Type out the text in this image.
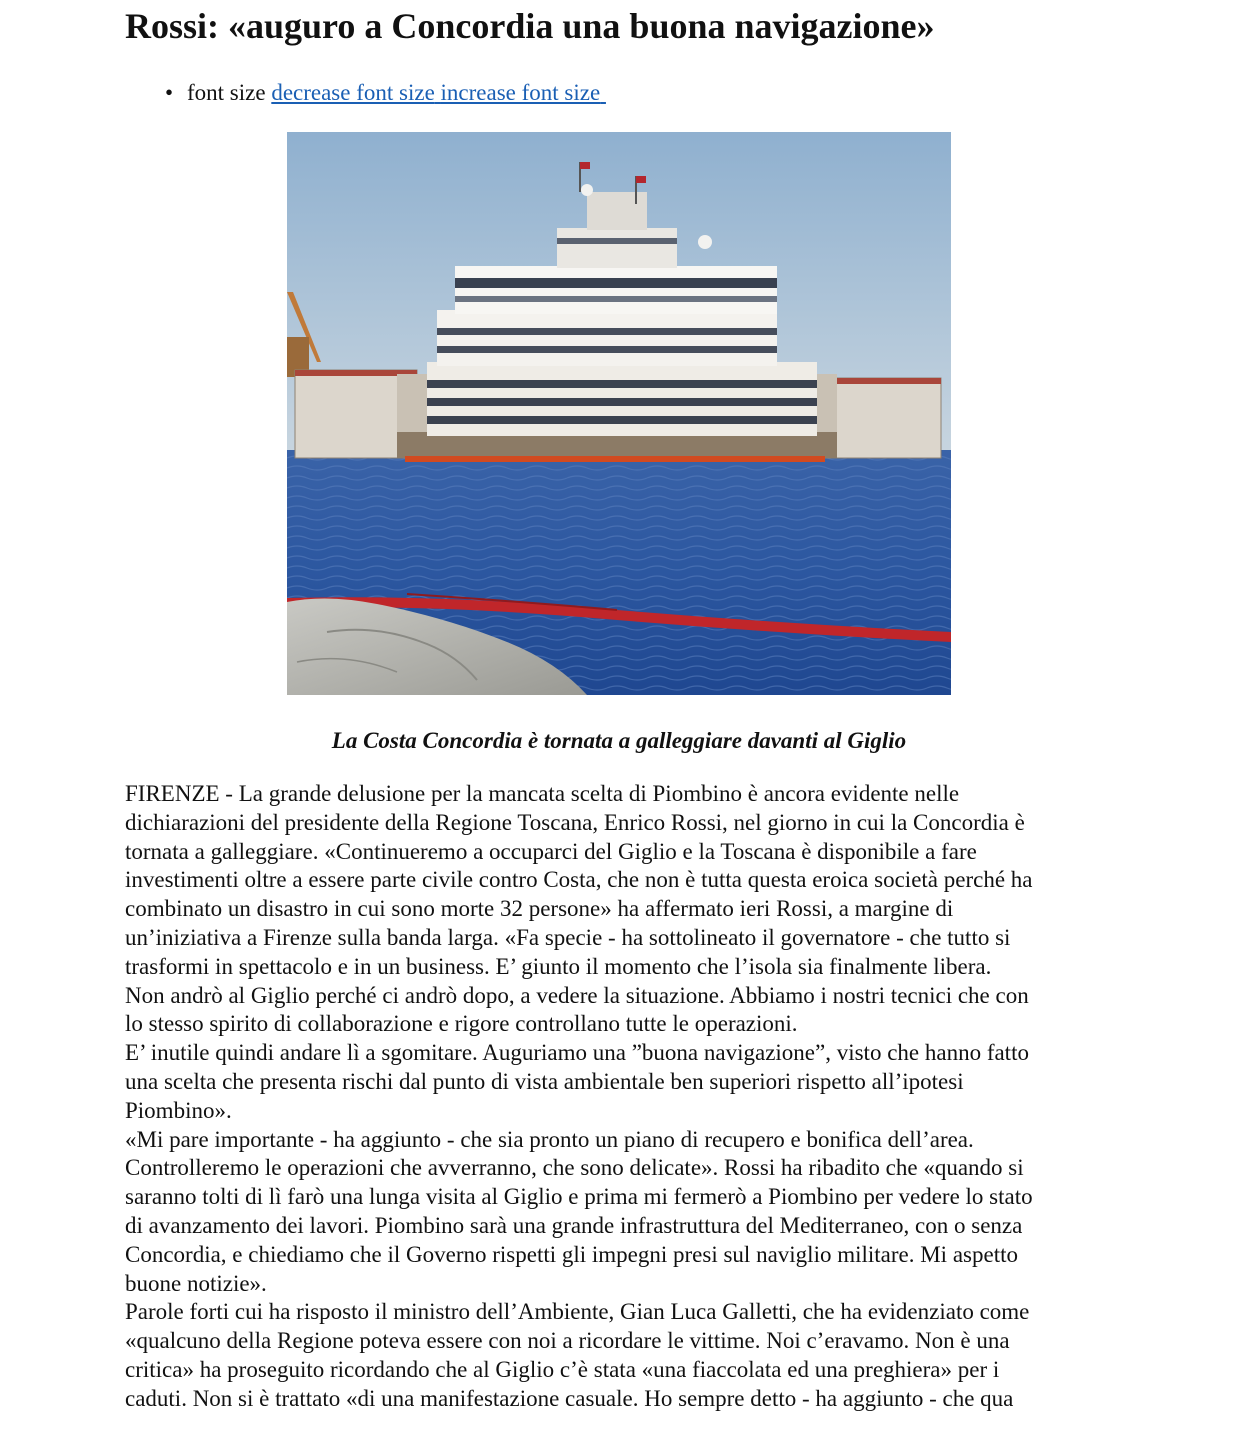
Rossi: «auguro a Concordia una buona navigazione»
• font size decrease font size increase font size
La Costa Concordia è tornata a galleggiare davanti al Giglio
FIRENZE - La grande delusione per la mancata scelta di Piombino è ancora evidente nelle
dichiarazioni del presidente della Regione Toscana, Enrico Rossi, nel giorno in cui la Concordia è
tornata a galleggiare. «Continueremo a occuparci del Giglio e la Toscana è disponibile a fare
investimenti oltre a essere parte civile contro Costa, che non è tutta questa eroica società perché ha
combinato un disastro in cui sono morte 32 persone» ha affermato ieri Rossi, a margine di
un’iniziativa a Firenze sulla banda larga. «Fa specie - ha sottolineato il governatore - che tutto si
trasformi in spettacolo e in un business. E’ giunto il momento che l’isola sia finalmente libera.
Non andrò al Giglio perché ci andrò dopo, a vedere la situazione. Abbiamo i nostri tecnici che con
lo stesso spirito di collaborazione e rigore controllano tutte le operazioni.
E’ inutile quindi andare lì a sgomitare. Auguriamo una ”buona navigazione”, visto che hanno fatto
una scelta che presenta rischi dal punto di vista ambientale ben superiori rispetto all’ipotesi
Piombino».
«Mi pare importante - ha aggiunto - che sia pronto un piano di recupero e bonifica dell’area.
Controlleremo le operazioni che avverranno, che sono delicate». Rossi ha ribadito che «quando si
saranno tolti di lì farò una lunga visita al Giglio e prima mi fermerò a Piombino per vedere lo stato
di avanzamento dei lavori. Piombino sarà una grande infrastruttura del Mediterraneo, con o senza
Concordia, e chiediamo che il Governo rispetti gli impegni presi sul naviglio militare. Mi aspetto
buone notizie».
Parole forti cui ha risposto il ministro dell’Ambiente, Gian Luca Galletti, che ha evidenziato come
«qualcuno della Regione poteva essere con noi a ricordare le vittime. Noi c’eravamo. Non è una
critica» ha proseguito ricordando che al Giglio c’è stata «una fiaccolata ed una preghiera» per i
caduti. Non si è trattato «di una manifestazione casuale. Ho sempre detto - ha aggiunto - che qua
